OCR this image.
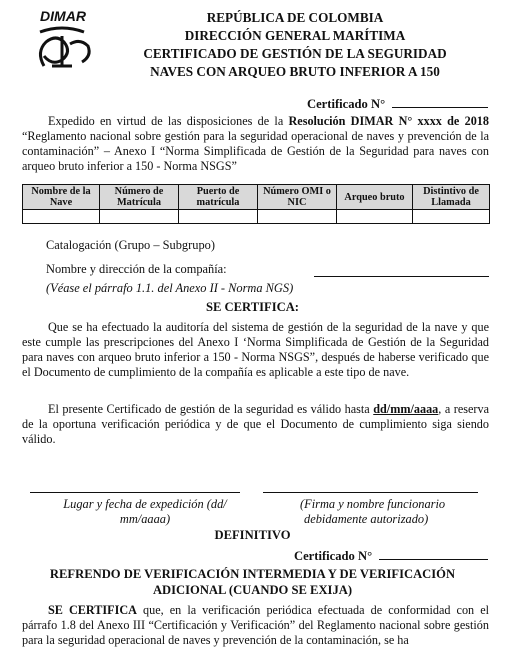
DIMAR	REPÚBLICA DE COLOMBIA
DIRECCIÓN GENERAL MARÍTIMA
CERTIFICADO DE GESTIÓN DE LA SEGURIDAD
NAVES CON ARQUEO BRUTO INFERIOR A 150
Certificado N°
Expedido en virtud de las disposiciones de la Resolución DIMAR N° xxxx de 2018 “Reglamento nacional sobre gestión para la seguridad operacional de naves y prevención de la contaminación” – Anexo I “Norma Simplificada de Gestión de la Seguridad para naves con arqueo bruto inferior a 150 - Norma NSGS”
Nombre de la Nave	Número de Matrícula	Puerto de matrícula	Número OMI o NIC	Arqueo bruto	Distintivo de Llamada

Catalogación (Grupo – Subgrupo)
Nombre y dirección de la compañía:
(Véase el párrafo 1.1. del Anexo II - Norma NGS)
SE CERTIFICA:
Que se ha efectuado la auditoría del sistema de gestión de la seguridad de la nave y que este cumple las prescripciones del Anexo I ‘Norma Simplificada de Gestión de la Seguridad para naves con arqueo bruto inferior a 150 - Norma NSGS”, después de haberse verificado que el Documento de cumplimiento de la compañía es aplicable a este tipo de nave.
El presente Certificado de gestión de la seguridad es válido hasta dd/mm/aaaa, a reserva de la oportuna verificación periódica y de que el Documento de cumplimiento siga siendo válido.
Lugar y fecha de expedición (dd/
mm/aaaa)
(Firma y nombre funcionario
debidamente autorizado)
DEFINITIVO
Certificado N°
REFRENDO DE VERIFICACIÓN INTERMEDIA Y DE VERIFICACIÓN
ADICIONAL (CUANDO SE EXIJA)
SE CERTIFICA que, en la verificación periódica efectuada de conformidad con el párrafo 1.8 del Anexo III “Certificación y Verificación” del Reglamento nacional sobre gestión para la seguridad operacional de naves y prevención de la contaminación, se ha
